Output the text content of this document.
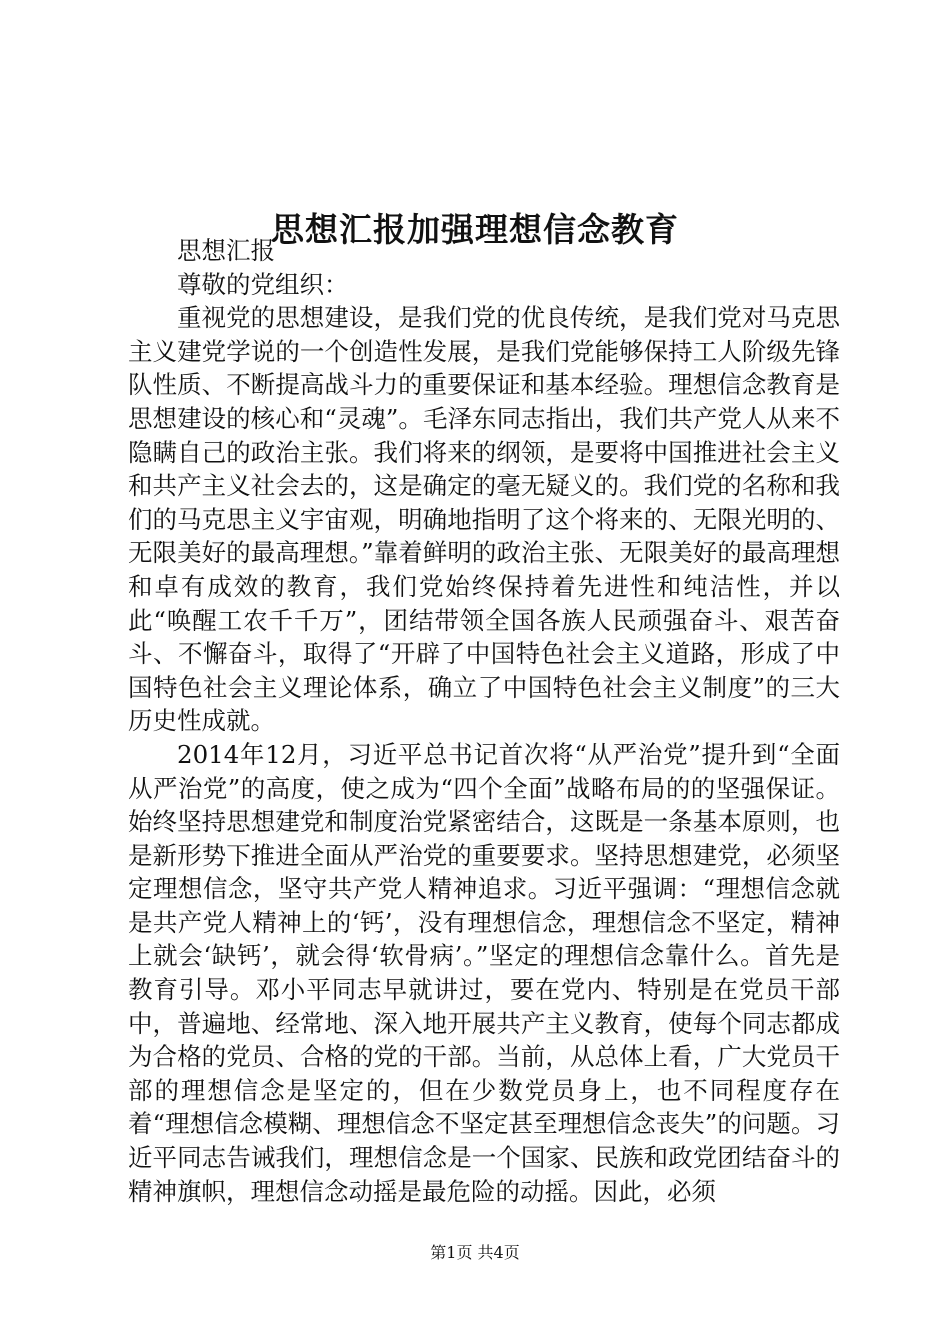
思想汇报加强理想信念教育

思想汇报

尊敬的党组织：

重视党的思想建设，是我们党的优良传统，是我们党对马克思主义建党学说的一个创造性发展，是我们党能够保持工人阶级先锋队性质、不断提高战斗力的重要保证和基本经验。理想信念教育是思想建设的核心和“灵魂”。毛泽东同志指出，我们共产党人从来不隐瞒自己的政治主张。我们将来的纲领，是要将中国推进社会主义和共产主义社会去的，这是确定的毫无疑义的。我们党的名称和我们的马克思主义宇宙观，明确地指明了这个将来的、无限光明的、无限美好的最高理想。”靠着鲜明的政治主张、无限美好的最高理想和卓有成效的教育，我们党始终保持着先进性和纯洁性，并以此“唤醒工农千千万”，团结带领全国各族人民顽强奋斗、艰苦奋斗、不懈奋斗，取得了“开辟了中国特色社会主义道路，形成了中国特色社会主义理论体系，确立了中国特色社会主义制度”的三大历史性成就。

2014年12月，习近平总书记首次将“从严治党”提升到“全面从严治党”的高度，使之成为“四个全面”战略布局的的坚强保证。始终坚持思想建党和制度治党紧密结合，这既是一条基本原则，也是新形势下推进全面从严治党的重要要求。坚持思想建党，必须坚定理想信念，坚守共产党人精神追求。习近平强调：“理想信念就是共产党人精神上的‘钙’，没有理想信念，理想信念不坚定，精神上就会‘缺钙’，就会得‘软骨病’。”坚定的理想信念靠什么。首先是教育引导。邓小平同志早就讲过，要在党内、特别是在党员干部中，普遍地、经常地、深入地开展共产主义教育，使每个同志都成为合格的党员、合格的党的干部。当前，从总体上看，广大党员干部的理想信念是坚定的，但在少数党员身上，也不同程度存在着“理想信念模糊、理想信念不坚定甚至理想信念丧失”的问题。习近平同志告诫我们，理想信念是一个国家、民族和政党团结奋斗的精神旗帜，理想信念动摇是最危险的动摇。因此，必须

第1页 共4页
